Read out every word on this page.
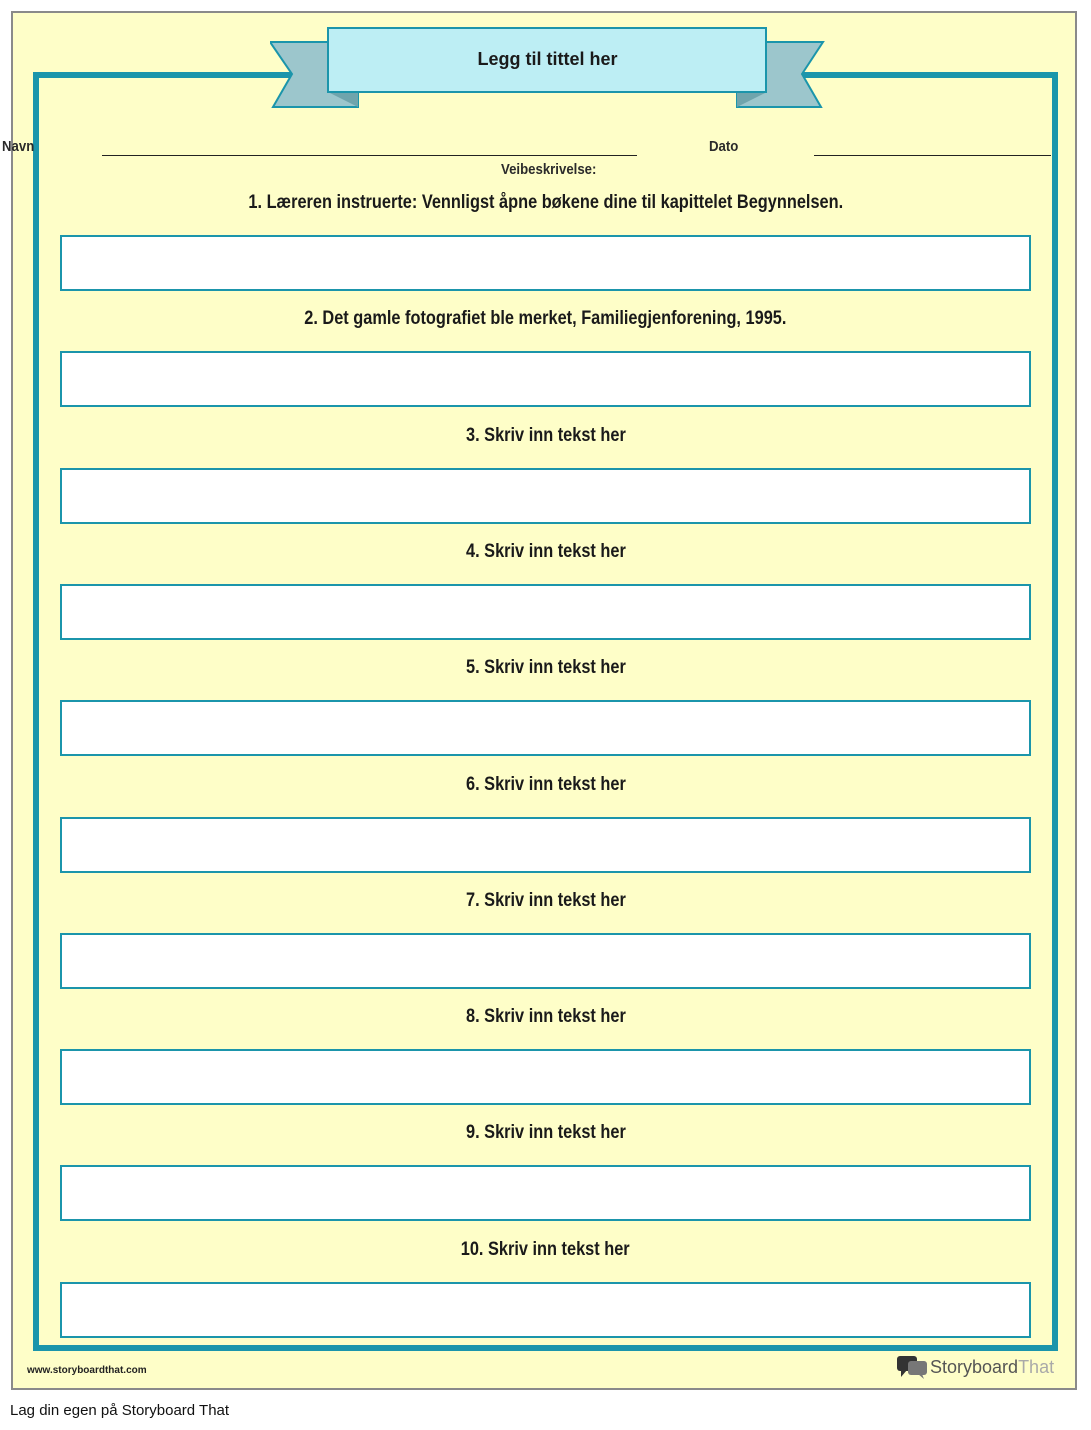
Legg til tittel her
Navn	Dato
Veibeskrivelse:
1. Læreren instruerte: Vennligst åpne bøkene dine til kapittelet Begynnelsen.
2. Det gamle fotografiet ble merket, Familiegjenforening, 1995.
3. Skriv inn tekst her
4. Skriv inn tekst her
5. Skriv inn tekst her
6. Skriv inn tekst her
7. Skriv inn tekst her
8. Skriv inn tekst her
9. Skriv inn tekst her
10. Skriv inn tekst her
www.storyboardthat.com	Storyboard That
Lag din egen på Storyboard That
